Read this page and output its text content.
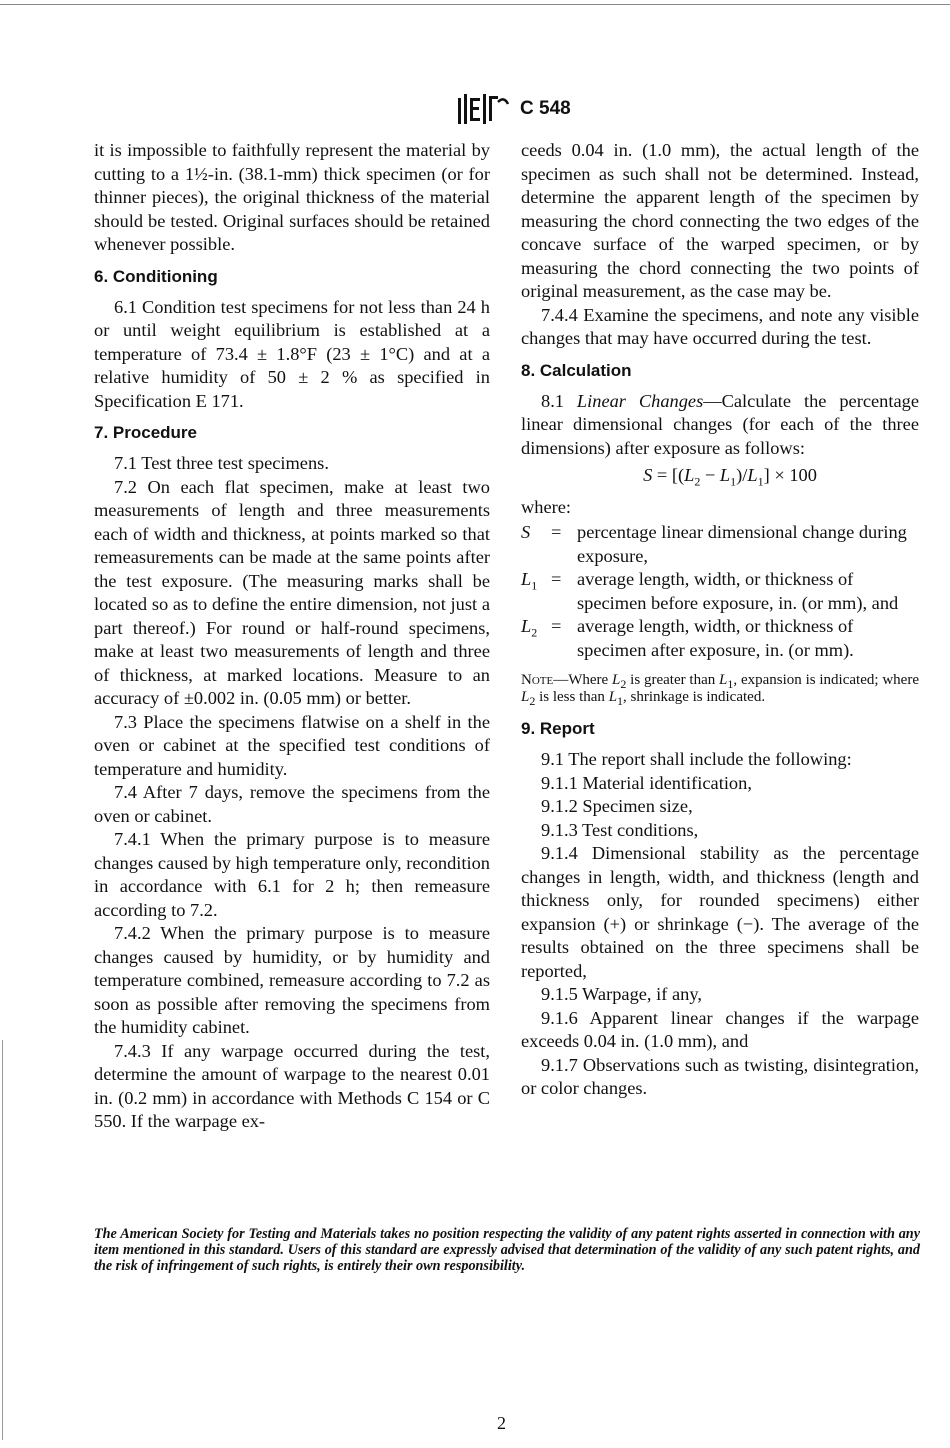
C 548

it is impossible to faithfully represent the material by cutting to a 1½-in. (38.1-mm) thick specimen (or for thinner pieces), the original thickness of the material should be tested. Original surfaces should be retained whenever possible.

6. Conditioning

6.1 Condition test specimens for not less than 24 h or until weight equilibrium is established at a temperature of 73.4 ± 1.8°F (23 ± 1°C) and at a relative humidity of 50 ± 2 % as specified in Specification E 171.

7. Procedure

7.1 Test three test specimens.

7.2 On each flat specimen, make at least two measurements of length and three measurements each of width and thickness, at points marked so that remeasurements can be made at the same points after the test exposure. (The measuring marks shall be located so as to define the entire dimension, not just a part thereof.) For round or half-round specimens, make at least two measurements of length and three of thickness, at marked locations. Measure to an accuracy of ±0.002 in. (0.05 mm) or better.

7.3 Place the specimens flatwise on a shelf in the oven or cabinet at the specified test conditions of temperature and humidity.

7.4 After 7 days, remove the specimens from the oven or cabinet.

7.4.1 When the primary purpose is to measure changes caused by high temperature only, recondition in accordance with 6.1 for 2 h; then remeasure according to 7.2.

7.4.2 When the primary purpose is to measure changes caused by humidity, or by humidity and temperature combined, remeasure according to 7.2 as soon as possible after removing the specimens from the humidity cabinet.

7.4.3 If any warpage occurred during the test, determine the amount of warpage to the nearest 0.01 in. (0.2 mm) in accordance with Methods C 154 or C 550. If the warpage ex-

ceeds 0.04 in. (1.0 mm), the actual length of the specimen as such shall not be determined. Instead, determine the apparent length of the specimen by measuring the chord connecting the two edges of the concave surface of the warped specimen, or by measuring the chord connecting the two points of original measurement, as the case may be.

7.4.4 Examine the specimens, and note any visible changes that may have occurred during the test.

8. Calculation

8.1 Linear Changes—Calculate the percentage linear dimensional changes (for each of the three dimensions) after exposure as follows:

$S = [(L_2 - L_1)/L_1] \times 100$
where:
S	= percentage linear dimensional change during exposure,
$L_1$ = average length, width, or thickness of specimen before exposure, in. (or mm), and
$L_2$ = average length, width, or thickness of specimen after exposure, in. (or mm).
Note—Where $L_2$ is greater than $L_1$, expansion is indicated; where $L_2$ is less than $L_1$, shrinkage is indicated.
9. Report

9.1 The report shall include the following:

9.1.1 Material identification,

9.1.2 Specimen size,

9.1.3 Test conditions,

9.1.4 Dimensional stability as the percentage changes in length, width, and thickness (length and thickness only, for rounded specimens) either expansion (+) or shrinkage (−). The average of the results obtained on the three specimens shall be reported,

9.1.5 Warpage, if any,

9.1.6 Apparent linear changes if the warpage exceeds 0.04 in. (1.0 mm), and

9.1.7 Observations such as twisting, disintegration, or color changes.

The American Society for Testing and Materials takes no position respecting the validity of any patent rights asserted in connection with any item mentioned in this standard. Users of this standard are expressly advised that determination of the validity of any such patent rights, and the risk of infringement of such rights, is entirely their own responsibility.
2
